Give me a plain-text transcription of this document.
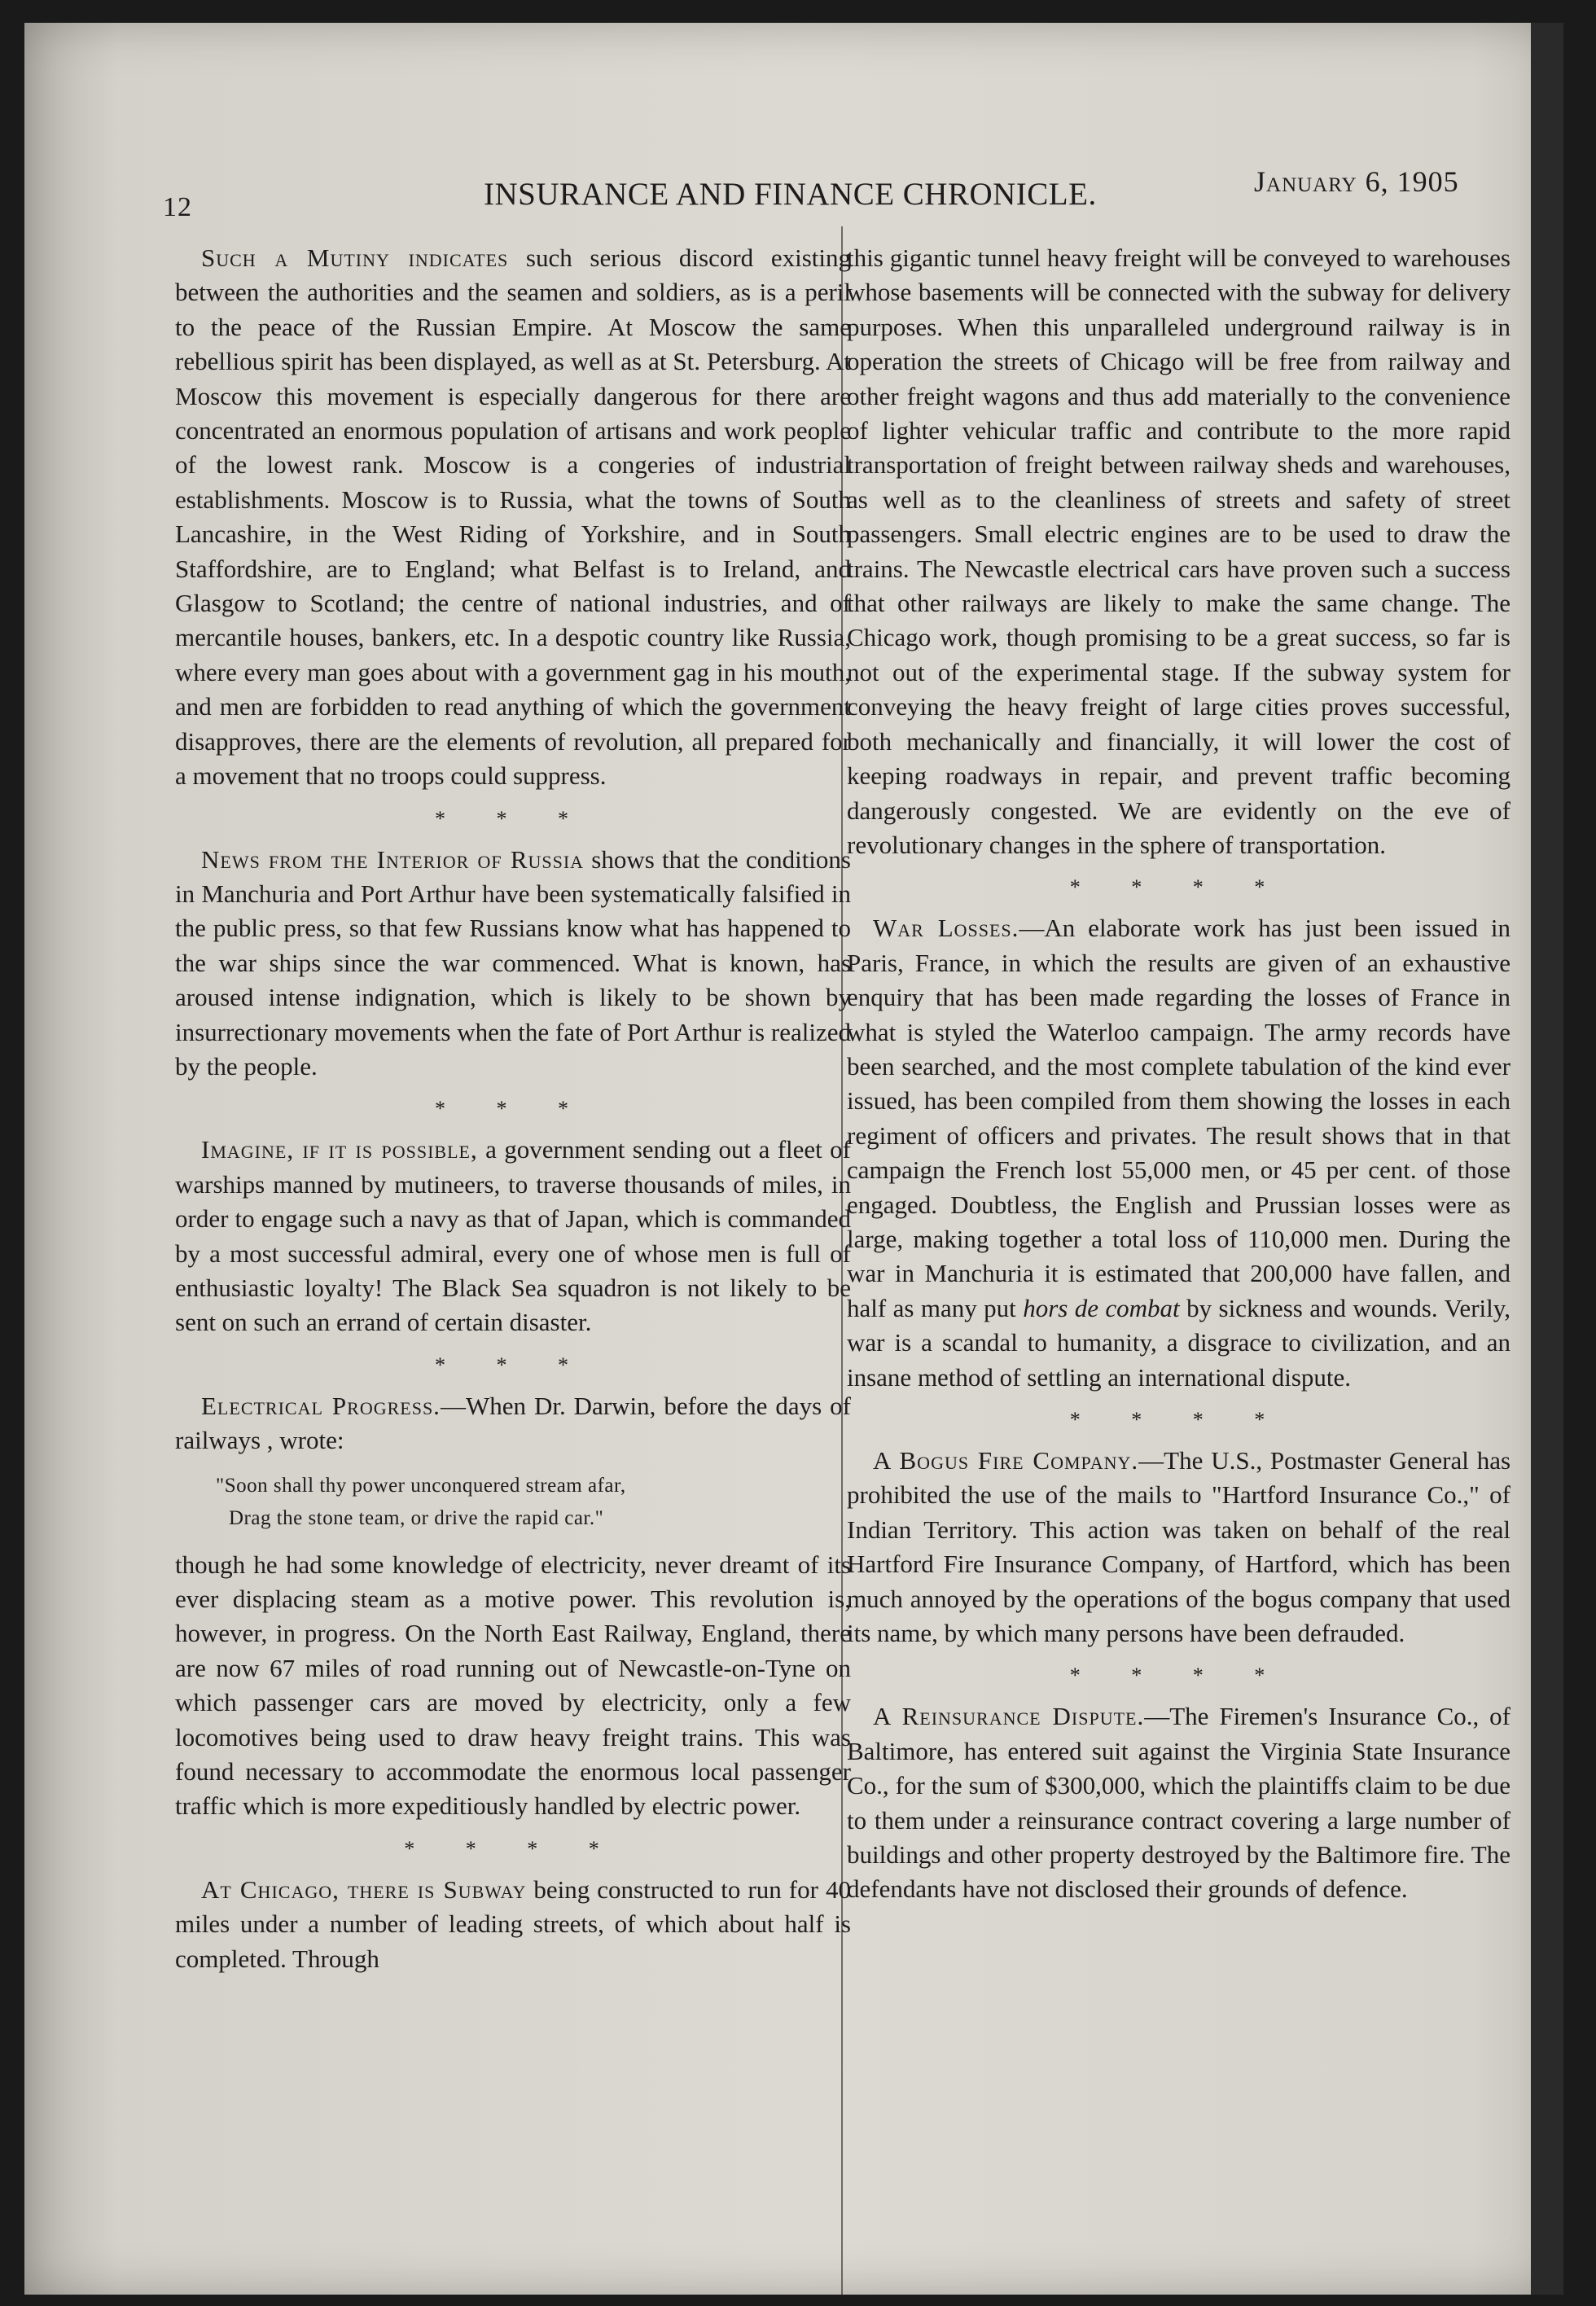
12	INSURANCE AND FINANCE CHRONICLE.	January 6, 1905

Such a Mutiny indicates such serious discord existing between the authorities and the seamen and soldiers, as is a peril to the peace of the Russian Empire. At Moscow the same rebellious spirit has been displayed, as well as at St. Petersburg. At Moscow this movement is especially dangerous for there are concentrated an enormous population of artisans and work people of the lowest rank. Moscow is a congeries of industrial establishments. Moscow is to Russia, what the towns of South Lancashire, in the West Riding of Yorkshire, and in South Staffordshire, are to England; what Belfast is to Ireland, and Glasgow to Scotland; the centre of national industries, and of mercantile houses, bankers, etc. In a despotic country like Russia, where every man goes about with a government gag in his mouth, and men are forbidden to read anything of which the government disapproves, there are the elements of revolution, all prepared for a movement that no troops could suppress.

* * *

News from the Interior of Russia shows that the conditions in Manchuria and Port Arthur have been systematically falsified in the public press, so that few Russians know what has happened to the war ships since the war commenced. What is known, has aroused intense indignation, which is likely to be shown by insurrectionary movements when the fate of Port Arthur is realized by the people.

* * *

Imagine, if it is possible, a government sending out a fleet of warships manned by mutineers, to traverse thousands of miles, in order to engage such a navy as that of Japan, which is commanded by a most successful admiral, every one of whose men is full of enthusiastic loyalty! The Black Sea squadron is not likely to be sent on such an errand of certain disaster.

* * *

Electrical Progress.—When Dr. Darwin, before the days of railways , wrote:

"Soon shall thy power unconquered stream afar,
Drag the stone team, or drive the rapid car."

though he had some knowledge of electricity, never dreamt of its ever displacing steam as a motive power. This revolution is, however, in progress. On the North East Railway, England, there are now 67 miles of road running out of Newcastle-on-Tyne on which passenger cars are moved by electricity, only a few locomotives being used to draw heavy freight trains. This was found necessary to accommodate the enormous local passenger traffic which is more expeditiously handled by electric power.

* * * *

At Chicago, there is Subway being constructed to run for 40 miles under a number of leading streets, of which about half is completed. Through

this gigantic tunnel heavy freight will be conveyed to warehouses whose basements will be connected with the subway for delivery purposes. When this unparalleled underground railway is in operation the streets of Chicago will be free from railway and other freight wagons and thus add materially to the convenience of lighter vehicular traffic and contribute to the more rapid transportation of freight between railway sheds and warehouses, as well as to the cleanliness of streets and safety of street passengers. Small electric engines are to be used to draw the trains. The Newcastle electrical cars have proven such a success that other railways are likely to make the same change. The Chicago work, though promising to be a great success, so far is not out of the experimental stage. If the subway system for conveying the heavy freight of large cities proves successful, both mechanically and financially, it will lower the cost of keeping roadways in repair, and prevent traffic becoming dangerously congested. We are evidently on the eve of revolutionary changes in the sphere of transportation.

* * * *

War Losses.—An elaborate work has just been issued in Paris, France, in which the results are given of an exhaustive enquiry that has been made regarding the losses of France in what is styled the Waterloo campaign. The army records have been searched, and the most complete tabulation of the kind ever issued, has been compiled from them showing the losses in each regiment of officers and privates. The result shows that in that campaign the French lost 55,000 men, or 45 per cent. of those engaged. Doubtless, the English and Prussian losses were as large, making together a total loss of 110,000 men. During the war in Manchuria it is estimated that 200,000 have fallen, and half as many put hors de combat by sickness and wounds. Verily, war is a scandal to humanity, a disgrace to civilization, and an insane method of settling an international dispute.

* * * *

A Bogus Fire Company.—The U.S., Postmaster General has prohibited the use of the mails to "Hartford Insurance Co.," of Indian Territory. This action was taken on behalf of the real Hartford Fire Insurance Company, of Hartford, which has been much annoyed by the operations of the bogus company that used its name, by which many persons have been defrauded.

* * * *

A Reinsurance Dispute.—The Firemen's Insurance Co., of Baltimore, has entered suit against the Virginia State Insurance Co., for the sum of $300,000, which the plaintiffs claim to be due to them under a reinsurance contract covering a large number of buildings and other property destroyed by the Baltimore fire. The defendants have not disclosed their grounds of defence.
